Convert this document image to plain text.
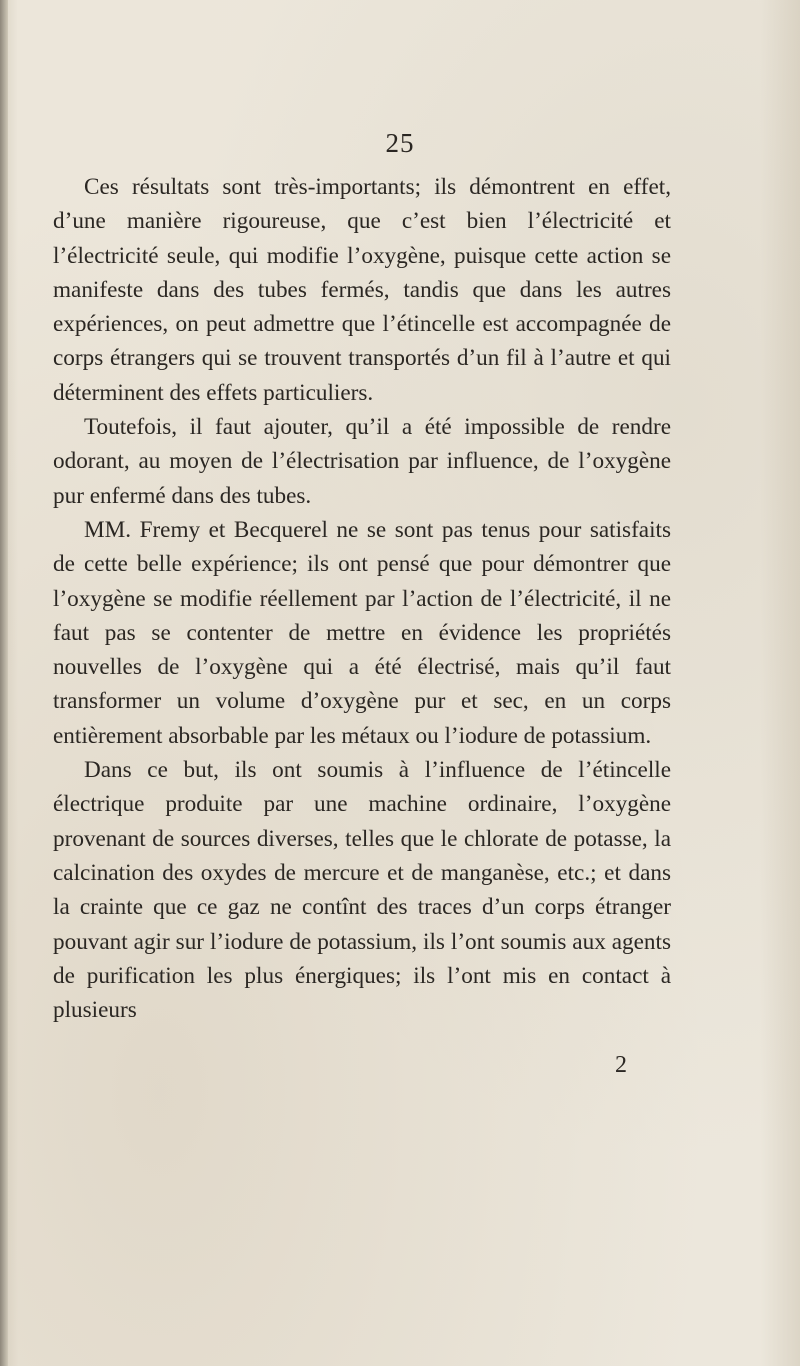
25

Ces résultats sont très-importants; ils démontrent en effet, d’une manière rigoureuse, que c’est bien l’électricité et l’électricité seule, qui modifie l’oxygène, puisque cette action se manifeste dans des tubes fermés, tandis que dans les autres expériences, on peut admettre que l’étincelle est accompagnée de corps étrangers qui se trouvent transportés d’un fil à l’autre et qui déterminent des effets particuliers.

Toutefois, il faut ajouter, qu’il a été impossible de rendre odorant, au moyen de l’électrisation par influence, de l’oxygène pur enfermé dans des tubes.

MM. Fremy et Becquerel ne se sont pas tenus pour satisfaits de cette belle expérience; ils ont pensé que pour démontrer que l’oxygène se modifie réellement par l’action de l’électricité, il ne faut pas se contenter de mettre en évidence les propriétés nouvelles de l’oxygène qui a été électrisé, mais qu’il faut transformer un volume d’oxygène pur et sec, en un corps entièrement absorbable par les métaux ou l’iodure de potassium.

Dans ce but, ils ont soumis à l’influence de l’étincelle électrique produite par une machine ordinaire, l’oxygène provenant de sources diverses, telles que le chlorate de potasse, la calcination des oxydes de mercure et de manganèse, etc.; et dans la crainte que ce gaz ne contînt des traces d’un corps étranger pouvant agir sur l’iodure de potassium, ils l’ont soumis aux agents de purification les plus énergiques; ils l’ont mis en contact à plusieurs

2
